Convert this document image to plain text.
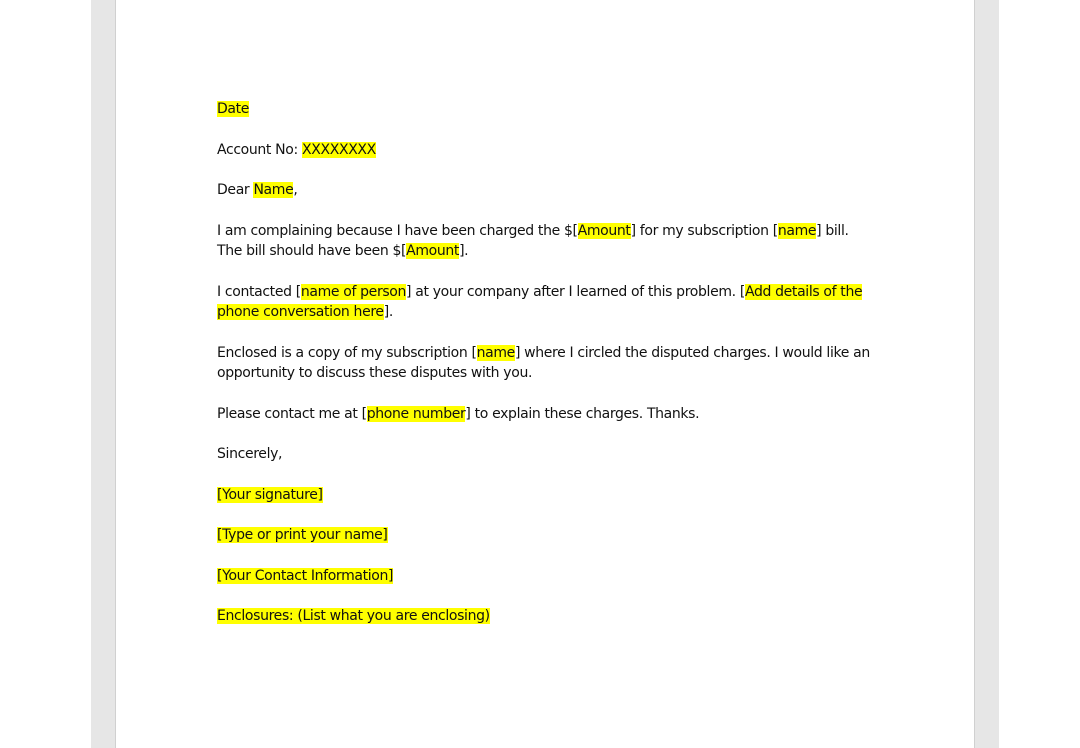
Date

Account No: XXXXXXXX

Dear Name,

I am complaining because I have been charged the $[Amount] for my subscription [name] bill. The bill should have been $[Amount].

I contacted [name of person] at your company after I learned of this problem. [Add details of the phone conversation here].

Enclosed is a copy of my subscription [name] where I circled the disputed charges. I would like an opportunity to discuss these disputes with you.

Please contact me at [phone number] to explain these charges. Thanks.

Sincerely,

[Your signature]

[Type or print your name]

[Your Contact Information]

Enclosures: (List what you are enclosing)
